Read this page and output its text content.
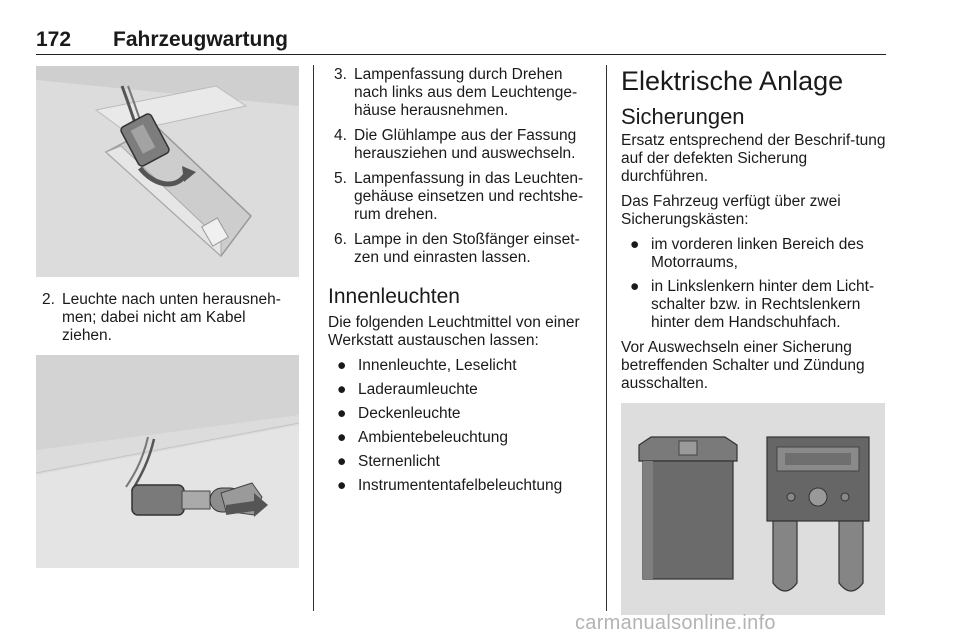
172 Fahrzeugwartung
2. Leuchte nach unten herausneh-men; dabei nicht am Kabel ziehen.
3. Lampenfassung durch Drehen nach links aus dem Leuchtenge-häuse herausnehmen.
4. Die Glühlampe aus der Fassung herausziehen und auswechseln.
5. Lampenfassung in das Leuchten-gehäuse einsetzen und rechtshe-rum drehen.
6. Lampe in den Stoßfänger einset-zen und einrasten lassen.
Innenleuchten

Die folgenden Leuchtmittel von einer Werkstatt austauschen lassen:

● Innenleuchte, Leselicht
● Laderaumleuchte
● Deckenleuchte
● Ambientebeleuchtung
● Sternenlicht
● Instrumententafelbeleuchtung
Elektrische Anlage
Sicherungen

Ersatz entsprechend der Beschrif-tung auf der defekten Sicherung durchführen.

Das Fahrzeug verfügt über zwei Sicherungskästen:

● im vorderen linken Bereich des Motorraums,
● in Linkslenkern hinter dem Licht-schalter bzw. in Rechtslenkern hinter dem Handschuhfach.

Vor Auswechseln einer Sicherung betreffenden Schalter und Zündung ausschalten.

carmanualsonline.info
